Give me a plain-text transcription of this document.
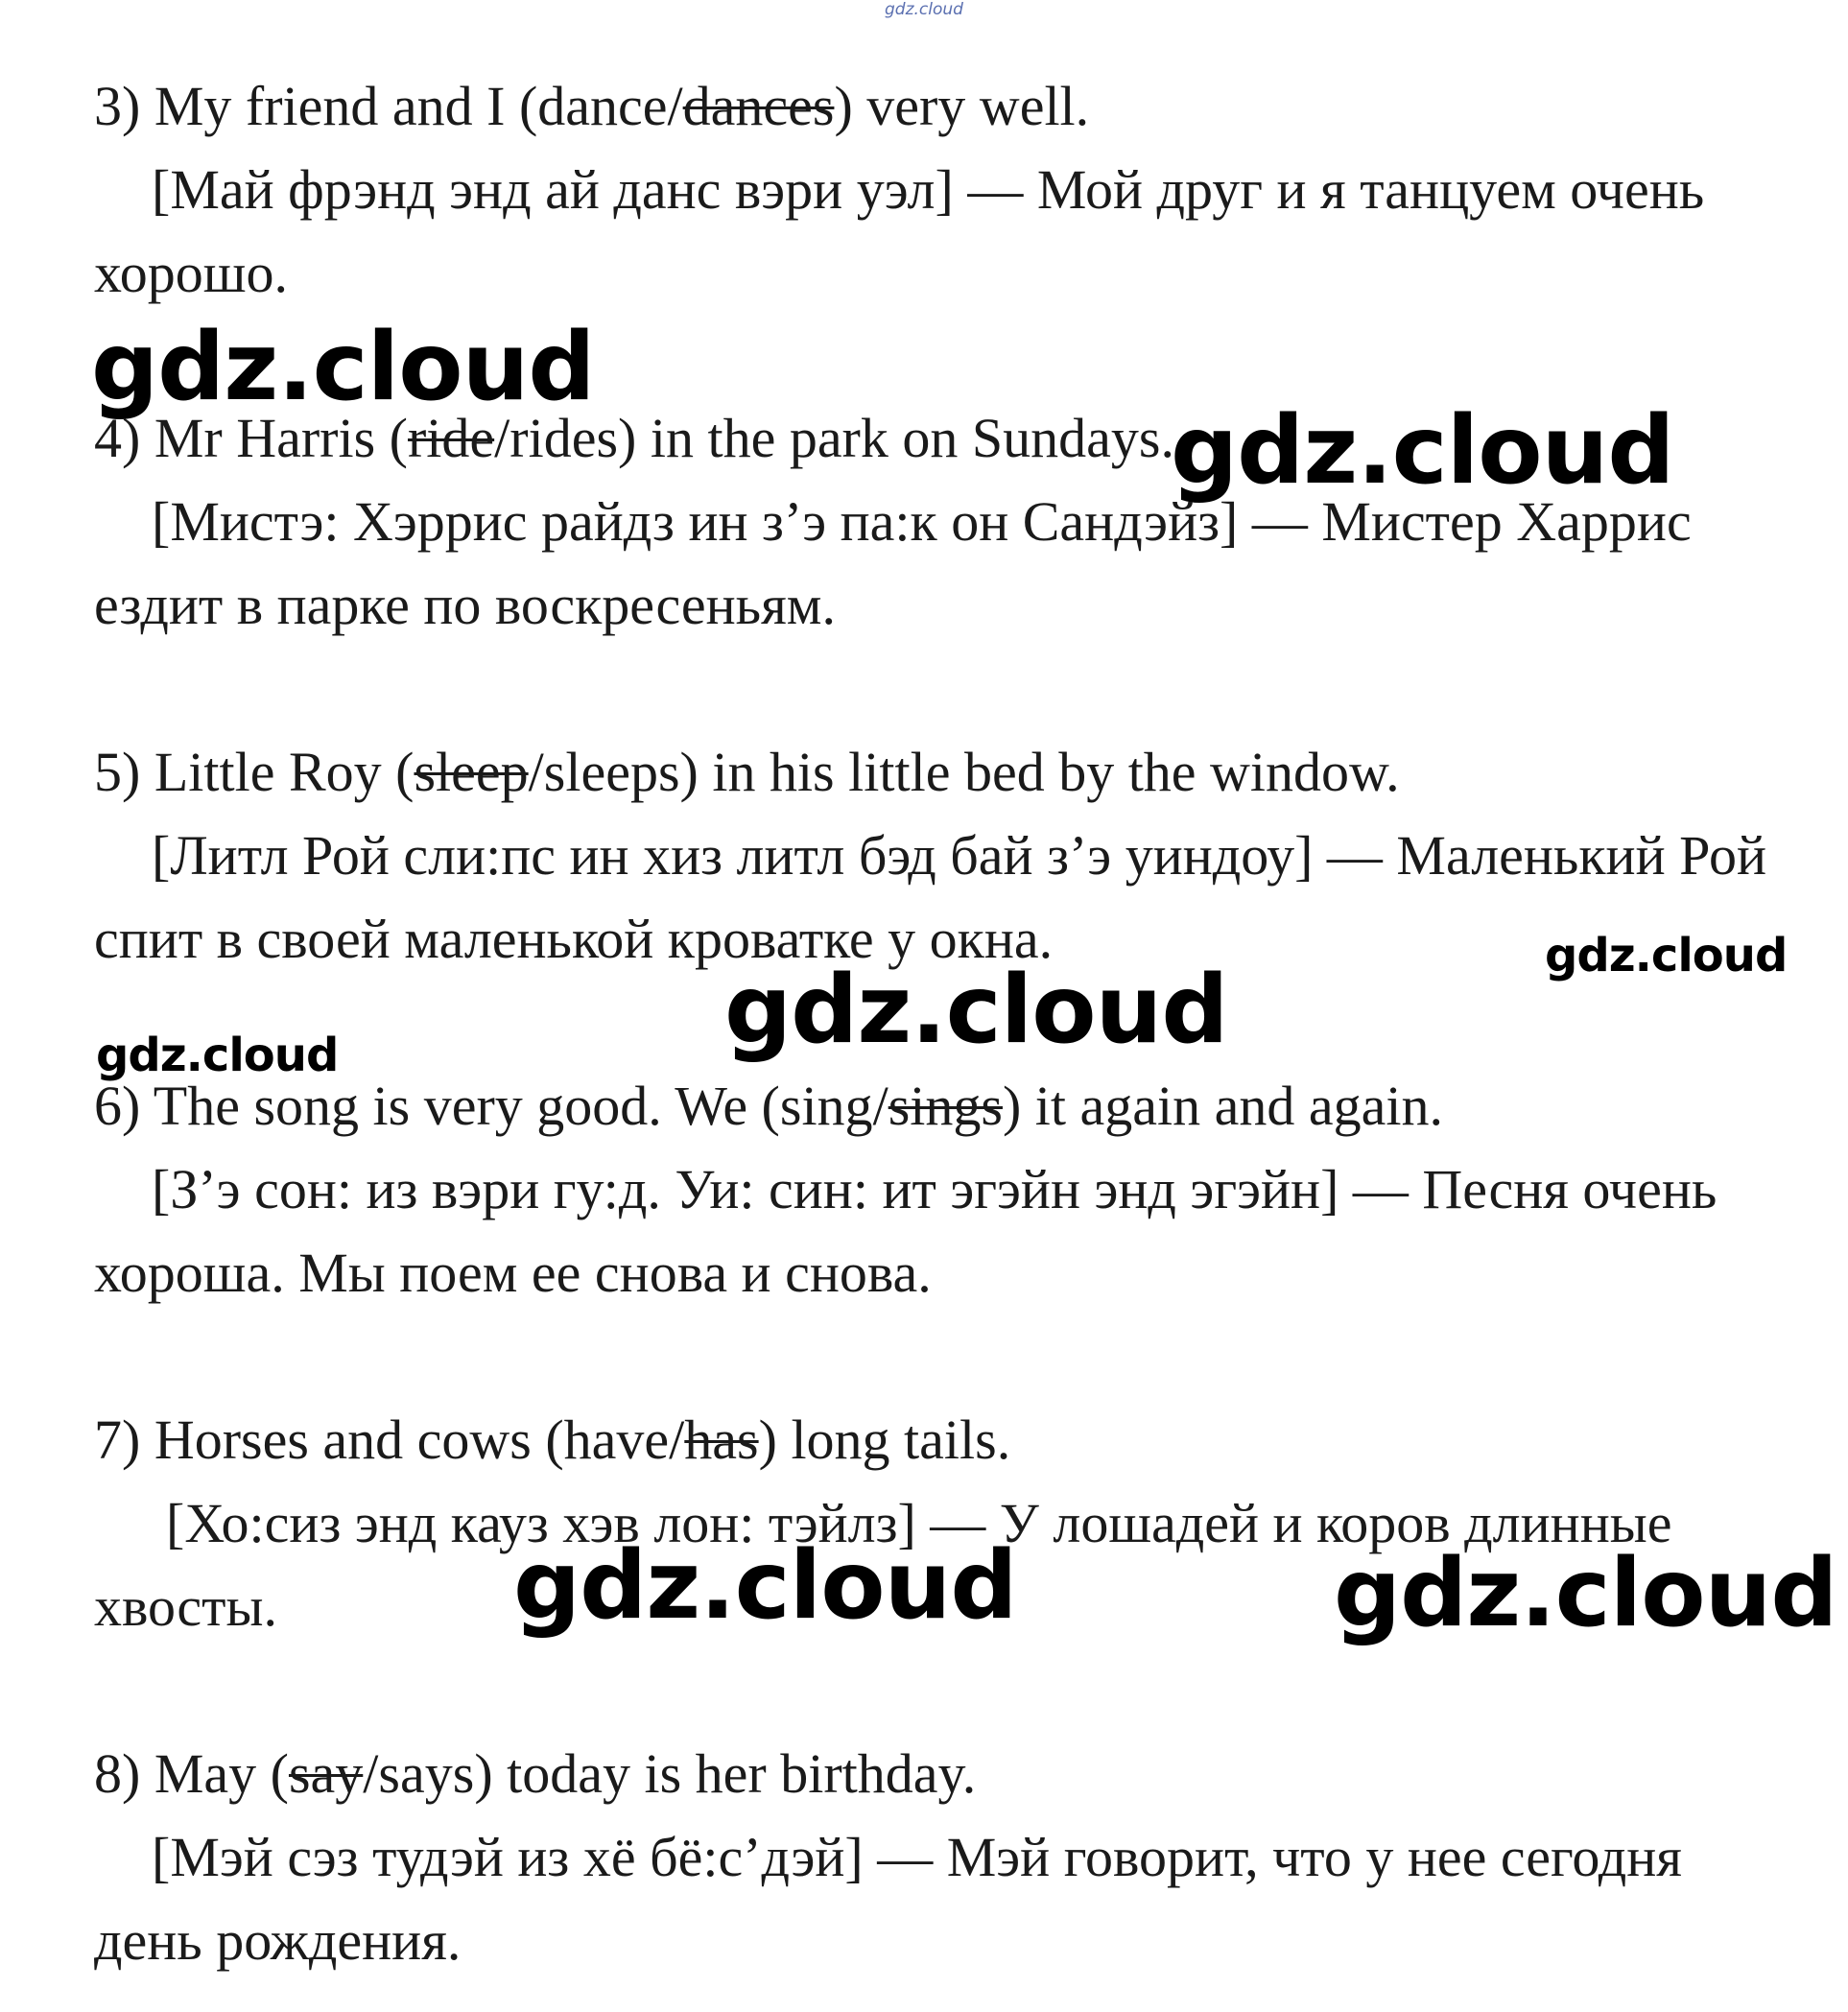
gdz.cloud
3) My friend and I (dance/dances) very well.
[Май фрэнд энд ай данс вэри уэл] — Мой друг и я танцуем очень
хорошо.
gdz.cloud
4) Mr Harris (ride/rides) in the park on Sundays.
gdz.cloud
[Мистэ: Хэррис райдз ин з’э па:к он Сандэйз] — Мистер Харрис
ездит в парке по воскресеньям.
5) Little Roy (sleep/sleeps) in his little bed by the window.
[Литл Рой сли:пс ин хиз литл бэд бай з’э уиндоу] — Маленький Рой
спит в своей маленькой кроватке у окна.	gdz.cloud
gdz.cloud
gdz.cloud
6) The song is very good. We (sing/sings) it again and again.
[З’э сон: из вэри гу:д. Уи: син: ит эгэйн энд эгэйн] — Песня очень
хороша. Мы поем ее снова и снова.
7) Horses and cows (have/has) long tails.
[Хо:сиз энд кауз хэв лон: тэйлз] — У лошадей и коров длинные
хвосты.	gdz.cloud	gdz.cloud
8) May (say/says) today is her birthday.
[Мэй сэз тудэй из хё бё:с’дэй] — Мэй говорит, что у нее сегодня
день рождения.
